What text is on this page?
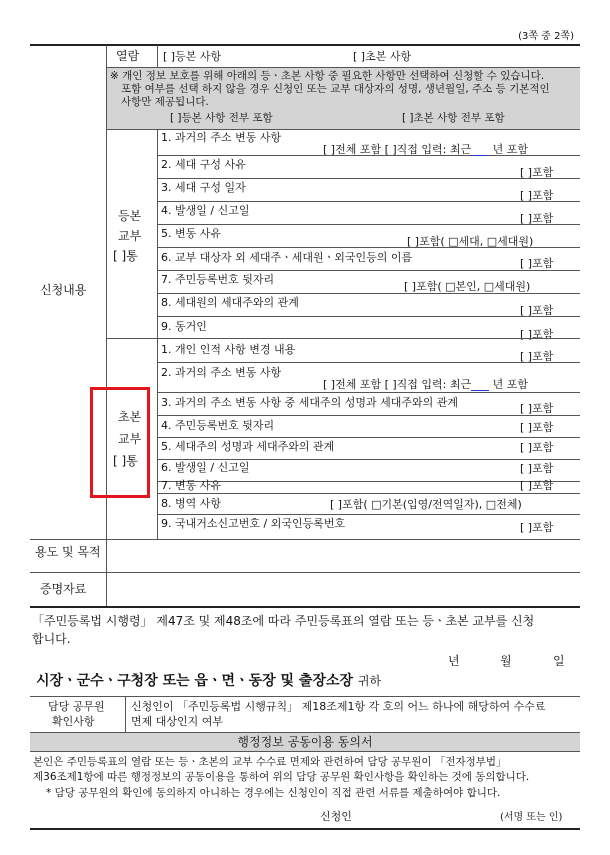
(3쪽 중 2쪽)
열람 [ ]등본 사항	[ ]초본 사항
※ 개인 정보 보호를 위해 아래의 등ㆍ초본 사항 중 필요한 사항만 선택하여 신청할 수 있습니다.
포함 여부를 선택 하지 않을 경우 신청인 또는 교부 대상자의 성명, 생년월일, 주소 등 기본적인
사항만 제공됩니다.
[ ]등본 사항 전부 포함	[ ]초본 사항 전부 포함
신청내용
등본
교부
[ ]통
1. 과거의 주소 변동 사항
[ ]전체 포함 [ ]직접 입력: 최근 년 포함
2. 세대 구성 사유
[ ]포함
3. 세대 구성 일자
[ ]포함
4. 발생일 / 신고일
[ ]포함
5. 변동 사유
[ ]포함( □세대, □세대원)
6. 교부 대상자 외 세대주ㆍ세대원ㆍ외국인등의 이름	[ ]포함
7. 주민등록번호 뒷자리
[ ]포함( □본인, □세대원)
8. 세대원의 세대주와의 관계
[ ]포함
9. 동거인
[ ]포함
초본
교부
[ ]통
1. 개인 인적 사항 변경 내용
[ ]포함
2. 과거의 주소 변동 사항
[ ]전체 포함 [ ]직접 입력: 최근 년 포함
3. 과거의 주소 변동 사항 중 세대주의 성명과 세대주와의 관계	[ ]포함
4. 주민등록번호 뒷자리	[ ]포함
5. 세대주의 성명과 세대주와의 관계	[ ]포함
6. 발생일 / 신고일	[ ]포함
7. 변동 사유	[ ]포함
8. 병역 사항	[ ]포함( □기본(입영/전역일자), □전체)
9. 국내거소신고번호 / 외국인등록번호	[ ]포함
용도 및 목적
증명자료
「주민등록법 시행령」 제47조 및 제48조에 따라 주민등록표의 열람 또는 등ㆍ초본 교부를 신청
합니다.
년	월	일
시장ㆍ군수ㆍ구청장 또는 읍ㆍ면ㆍ동장 및 출장소장 귀하
담당 공무원
확인사항
신청인이 「주민등록법 시행규칙」 제18조제1항 각 호의 어느 하나에 해당하여 수수료
면제 대상인지 여부
행정정보 공동이용 동의서
본인은 주민등록표의 열람 또는 등ㆍ초본의 교부 수수료 면제와 관련하여 담당 공무원이 「전자정부법」
제36조제1항에 따른 행정정보의 공동이용을 통하여 위의 담당 공무원 확인사항을 확인하는 것에 동의합니다.
* 담당 공무원의 확인에 동의하지 아니하는 경우에는 신청인이 직접 관련 서류를 제출하여야 합니다.
신청인	(서명 또는 인)
